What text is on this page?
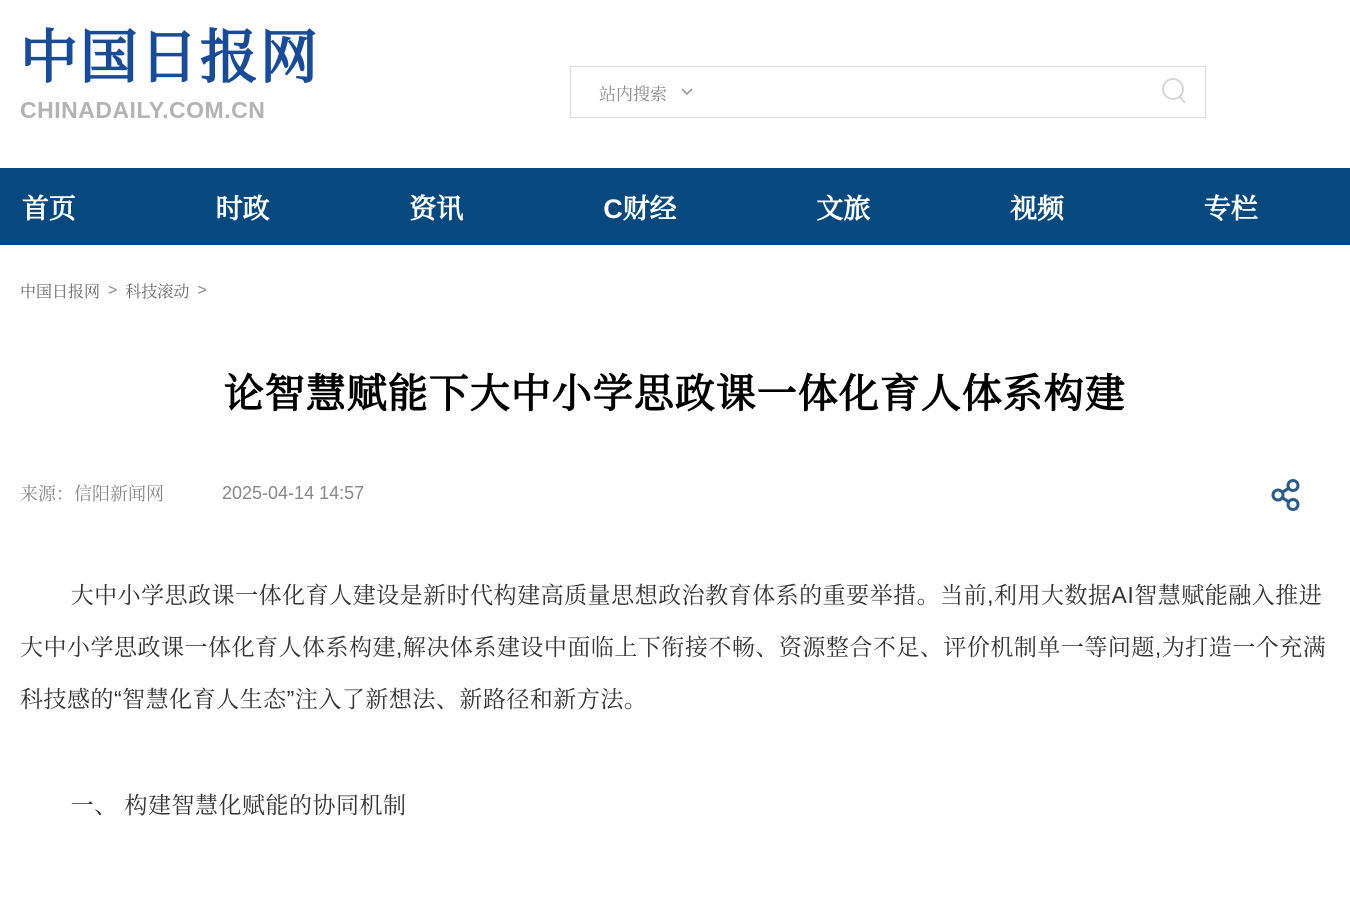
中国日报网
CHINADAILY.COM.CN
站内搜索
首页	时政	资讯	C财经	文旅	视频	专栏
中国日报网 > 科技滚动 >
论智慧赋能下大中小学思政课一体化育人体系构建
来源：信阳新闻网	2025-04-14 14:57

大中小学思政课一体化育人建设是新时代构建高质量思想政治教育体系的重要举措。当前,利用大数据AI智慧赋能融入推进大中小学思政课一体化育人体系构建,解决体系建设中面临上下衔接不畅、资源整合不足、评价机制单一等问题,为打造一个充满科技感的“智慧化育人生态”注入了新想法、新路径和新方法。

一、 构建智慧化赋能的协同机制
